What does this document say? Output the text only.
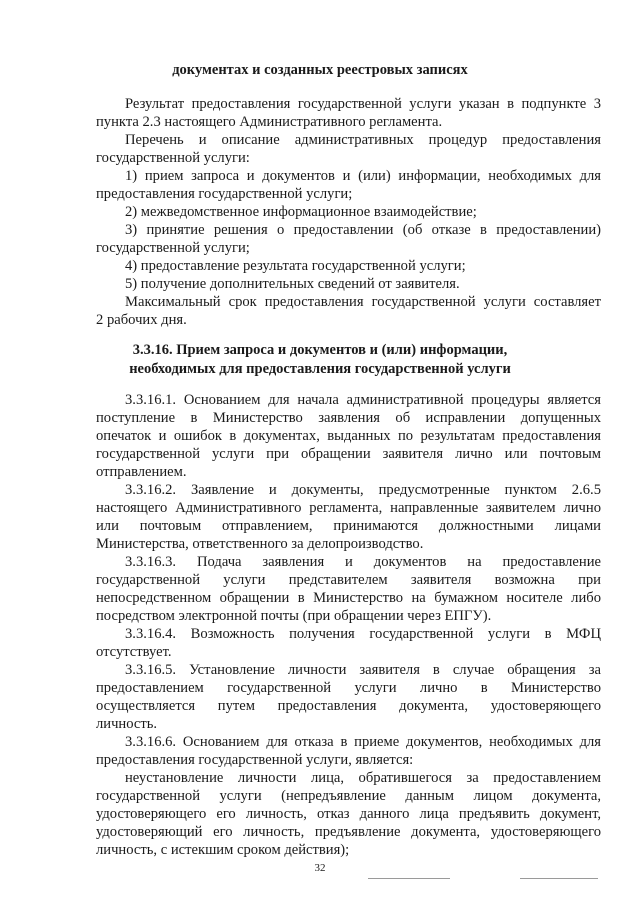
документах и созданных реестровых записях
Результат предоставления государственной услуги указан в подпункте 3
пункта 2.3 настоящего Административного регламента.
Перечень и описание административных процедур предоставления
государственной услуги:
1) прием запроса и документов и (или) информации, необходимых для
предоставления государственной услуги;
2) межведомственное информационное взаимодействие;
3) принятие решения о предоставлении (об отказе в предоставлении)
государственной услуги;
4) предоставление результата государственной услуги;
5) получение дополнительных сведений от заявителя.
Максимальный срок предоставления государственной услуги составляет
2 рабочих дня.
3.3.16. Прием запроса и документов и (или) информации,
необходимых для предоставления государственной услуги
3.3.16.1. Основанием для начала административной процедуры является
поступление в Министерство заявления об исправлении допущенных
опечаток и ошибок в документах, выданных по результатам предоставления
государственной услуги при обращении заявителя лично или почтовым
отправлением.
3.3.16.2. Заявление и документы, предусмотренные пунктом 2.6.5
настоящего Административного регламента, направленные заявителем лично
или почтовым отправлением, принимаются должностными лицами
Министерства, ответственного за делопроизводство.
3.3.16.3. Подача заявления и документов на предоставление
государственной услуги представителем заявителя возможна при
непосредственном обращении в Министерство на бумажном носителе либо
посредством электронной почты (при обращении через ЕПГУ).
3.3.16.4. Возможность получения государственной услуги в МФЦ
отсутствует.
3.3.16.5. Установление личности заявителя в случае обращения за
предоставлением государственной услуги лично в Министерство
осуществляется путем предоставления документа, удостоверяющего
личность.
3.3.16.6. Основанием для отказа в приеме документов, необходимых для
предоставления государственной услуги, является:
неустановление личности лица, обратившегося за предоставлением
государственной услуги (непредъявление данным лицом документа,
удостоверяющего его личность, отказ данного лица предъявить документ,
удостоверяющий его личность, предъявление документа, удостоверяющего
личность, с истекшим сроком действия);
32
